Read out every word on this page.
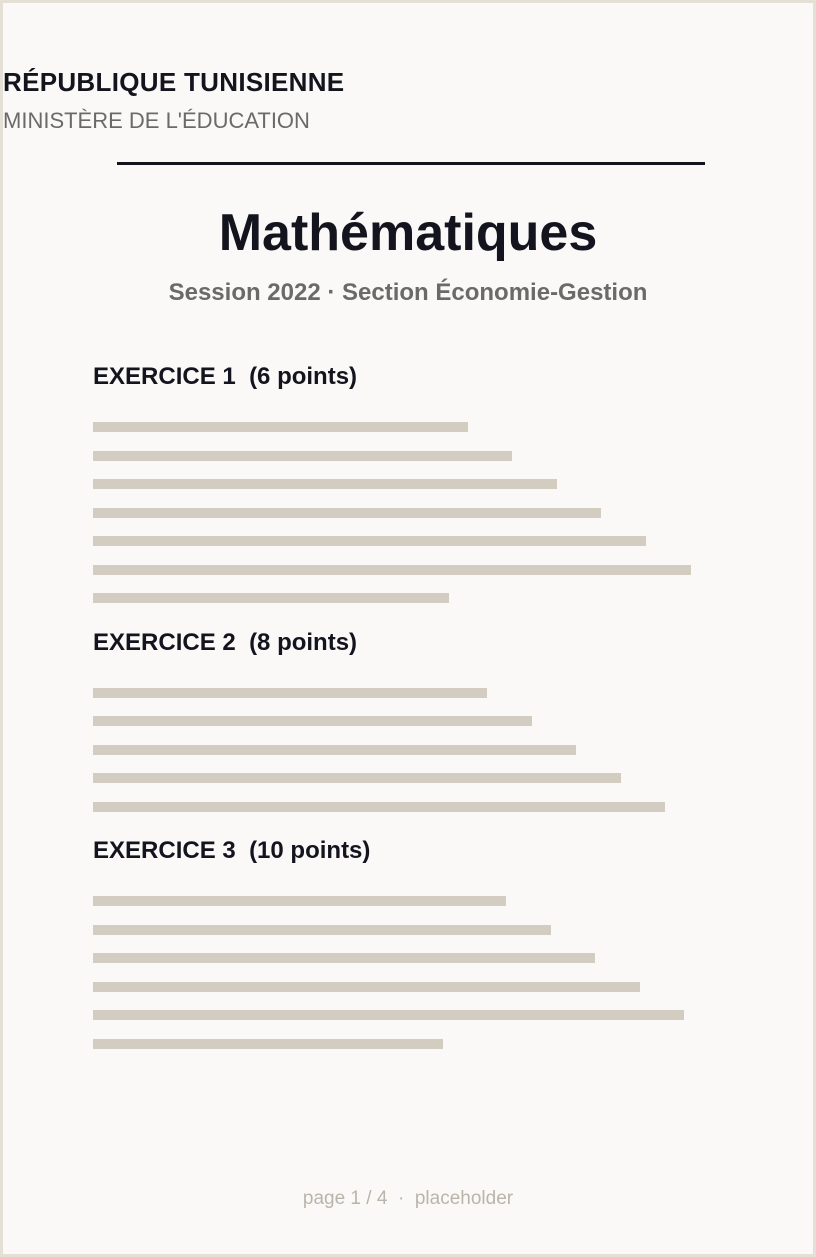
RÉPUBLIQUE TUNISIENNE
MINISTÈRE DE L'ÉDUCATION
Mathématiques
Session 2022 · Section Économie-Gestion
EXERCICE 1 (6 points)
EXERCICE 2 (8 points)
EXERCICE 3 (10 points)
page 1 / 4 · placeholder
